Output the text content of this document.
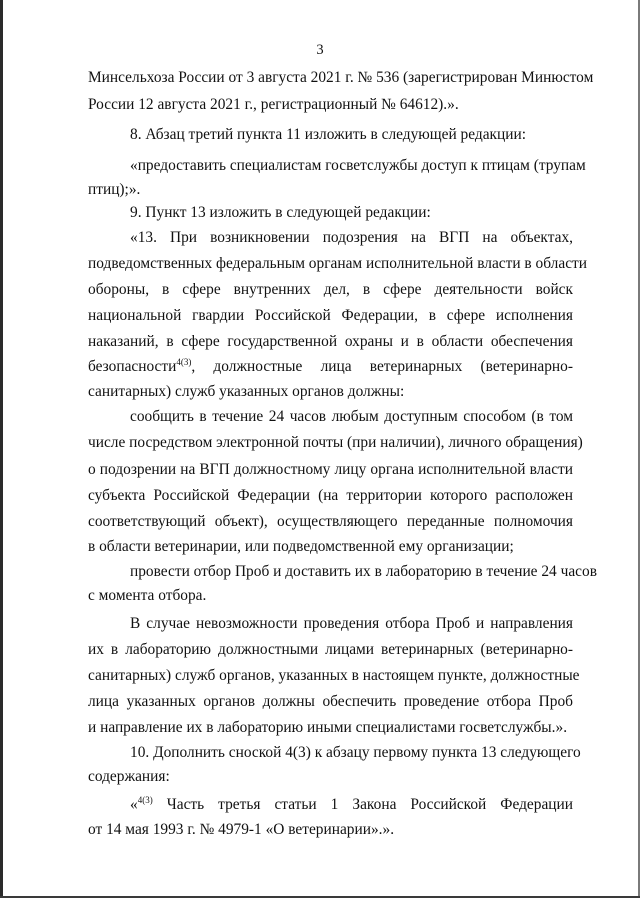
3
Минсельхоза России от 3 августа 2021 г. № 536 (зарегистрирован Минюстом
России 12 августа 2021 г., регистрационный № 64612).».
8. Абзац третий пункта 11 изложить в следующей редакции:
«предоставить специалистам госветслужбы доступ к птицам (трупам
птиц);».
9. Пункт 13 изложить в следующей редакции:
«13. При возникновении подозрения на ВГП на объектах,
подведомственных федеральным органам исполнительной власти в области
обороны, в сфере внутренних дел, в сфере деятельности войск
национальной гвардии Российской Федерации, в сфере исполнения
наказаний, в сфере государственной охраны и в области обеспечения
безопасности$^{4(3)}$, должностные лица ветеринарных (ветеринарно-
санитарных) служб указанных органов должны:
сообщить в течение 24 часов любым доступным способом (в том
числе посредством электронной почты (при наличии), личного обращения)
о подозрении на ВГП должностному лицу органа исполнительной власти
субъекта Российской Федерации (на территории которого расположен
соответствующий объект), осуществляющего переданные полномочия
в области ветеринарии, или подведомственной ему организации;
провести отбор Проб и доставить их в лабораторию в течение 24 часов
с момента отбора.
В случае невозможности проведения отбора Проб и направления
их в лабораторию должностными лицами ветеринарных (ветеринарно-
санитарных) служб органов, указанных в настоящем пункте, должностные
лица указанных органов должны обеспечить проведение отбора Проб
и направление их в лабораторию иными специалистами госветслужбы.».
10. Дополнить сноской 4(3) к абзацу первому пункта 13 следующего
содержания:
«$^{4(3)}$ Часть третья статьи 1 Закона Российской Федерации
от 14 мая 1993 г. № 4979-1 «О ветеринарии».».
